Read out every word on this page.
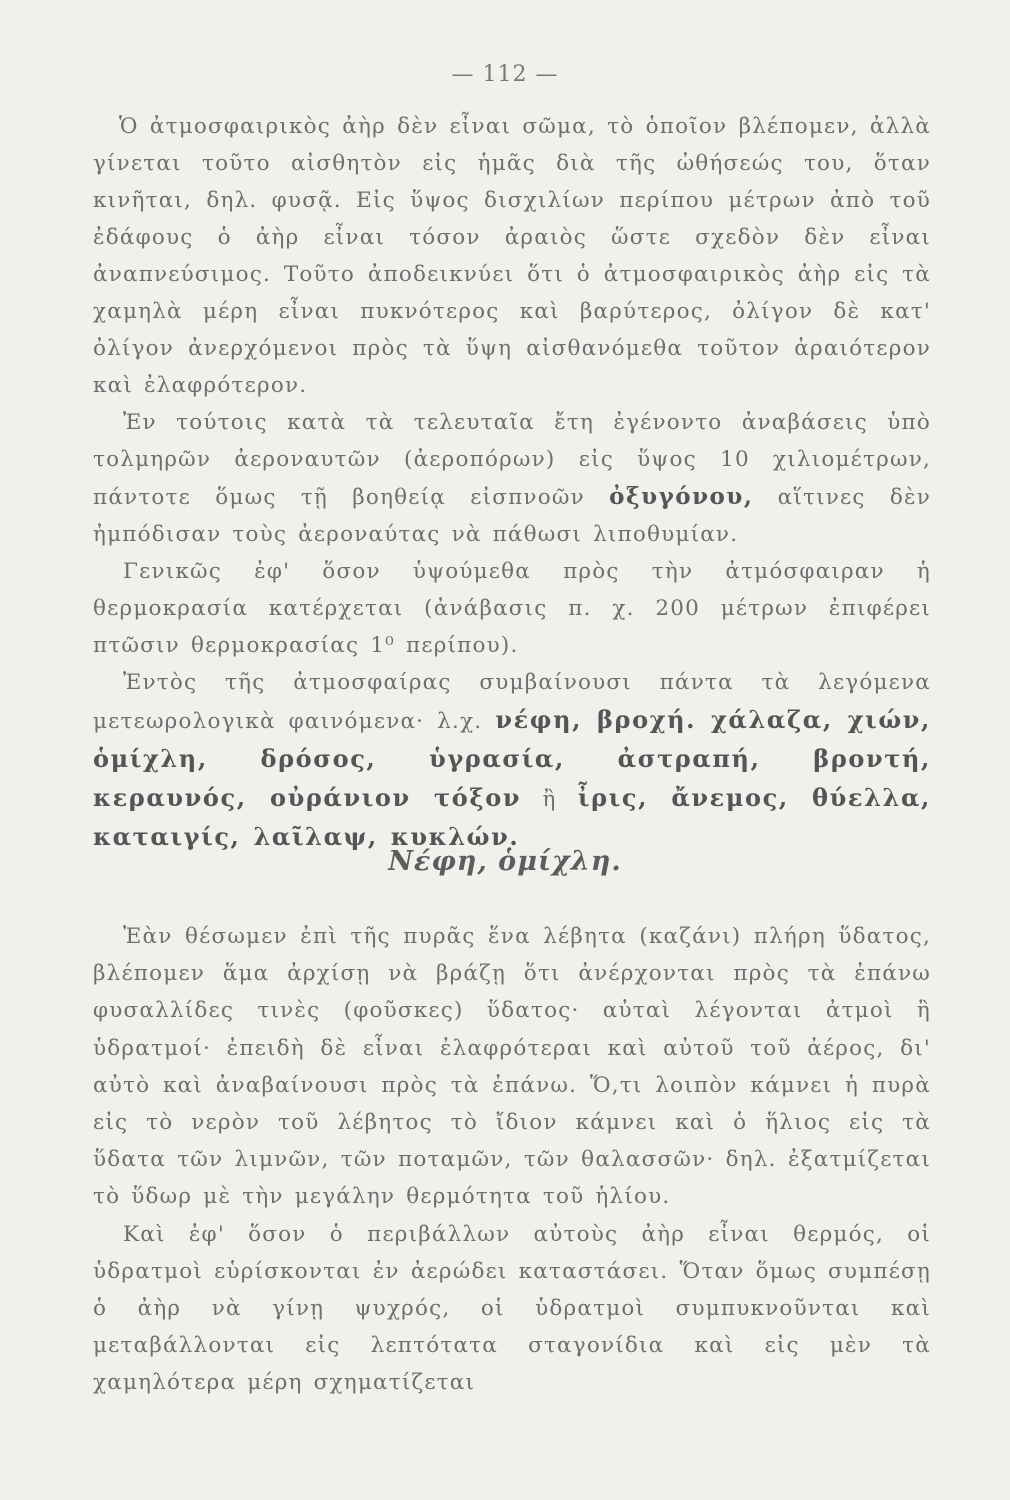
— 112 —

Ὁ ἀτμοσφαιρικὸς ἀὴρ δὲν εἶναι σῶμα, τὸ ὁποῖον βλέπομεν, ἀλλὰ γίνεται τοῦτο αἰσθητὸν εἰς ἡμᾶς διὰ τῆς ὠθήσεώς του, ὅταν κινῆται, δηλ. φυσᾷ. Εἰς ὕψος δισχιλίων περίπου μέτρων ἀπὸ τοῦ ἐδάφους ὁ ἀὴρ εἶναι τόσον ἀραιὸς ὥστε σχεδὸν δὲν εἶναι ἀναπνεύσιμος. Τοῦτο ἀποδεικνύει ὅτι ὁ ἀτμοσφαιρικὸς ἀὴρ εἰς τὰ χαμηλὰ μέρη εἶναι πυκνότερος καὶ βαρύτερος, ὀλίγον δὲ κατ' ὀλίγον ἀνερχόμενοι πρὸς τὰ ὕψη αἰσθανόμεθα τοῦτον ἀραιότερον καὶ ἐλαφρότερον.

Ἐν τούτοις κατὰ τὰ τελευταῖα ἔτη ἐγένοντο ἀναβάσεις ὑπὸ τολμηρῶν ἀεροναυτῶν (ἀεροπόρων) εἰς ὕψος 10 χιλιομέτρων, πάντοτε ὅμως τῇ βοηθείᾳ εἰσπνοῶν ὀξυγόνου, αἵτινες δὲν ἠμπόδισαν τοὺς ἀεροναύτας νὰ πάθωσι λιποθυμίαν.

Γενικῶς ἐφ' ὅσον ὑψούμεθα πρὸς τὴν ἀτμόσφαιραν ἡ θερμοκρασία κατέρχεται (ἀνάβασις π. χ. 200 μέτρων ἐπιφέρει πτῶσιν θερμοκρασίας 1⁰ περίπου).

Ἐντὸς τῆς ἀτμοσφαίρας συμβαίνουσι πάντα τὰ λεγόμενα μετεωρολογικὰ φαινόμενα· λ.χ. νέφη, βροχή. χάλαζα, χιών, ὁμίχλη, δρόσος, ὑγρασία, ἀστραπή, βροντή, κεραυνός, οὐράνιον τόξον ἢ ἶρις, ἄνεμος, θύελλα, καταιγίς, λαῖλαψ, κυκλών.

Νέφη, ὁμίχλη.

Ἐὰν θέσωμεν ἐπὶ τῆς πυρᾶς ἕνα λέβητα (καζάνι) πλήρη ὕδατος, βλέπομεν ἅμα ἀρχίσῃ νὰ βράζῃ ὅτι ἀνέρχονται πρὸς τὰ ἐπάνω φυσαλλίδες τινὲς (φοῦσκες) ὕδατος· αὐταὶ λέγονται ἀτμοὶ ἢ ὑδρατμοί· ἐπειδὴ δὲ εἶναι ἐλαφρότεραι καὶ αὐτοῦ τοῦ ἀέρος, δι' αὐτὸ καὶ ἀναβαίνουσι πρὸς τὰ ἐπάνω. Ὅ,τι λοιπὸν κάμνει ἡ πυρὰ εἰς τὸ νερὸν τοῦ λέβητος τὸ ἴδιον κάμνει καὶ ὁ ἥλιος εἰς τὰ ὕδατα τῶν λιμνῶν, τῶν ποταμῶν, τῶν θαλασσῶν· δηλ. ἐξατμίζεται τὸ ὕδωρ μὲ τὴν μεγάλην θερμότητα τοῦ ἡλίου.

Καὶ ἐφ' ὅσον ὁ περιβάλλων αὐτοὺς ἀὴρ εἶναι θερμός, οἱ ὑδρατμοὶ εὑρίσκονται ἐν ἀερώδει καταστάσει. Ὅταν ὅμως συμπέσῃ ὁ ἀὴρ νὰ γίνῃ ψυχρός, οἱ ὑδρατμοὶ συμπυκνοῦνται καὶ μεταβάλλονται εἰς λεπτότατα σταγονίδια καὶ εἰς μὲν τὰ χαμηλότερα μέρη σχηματίζεται
